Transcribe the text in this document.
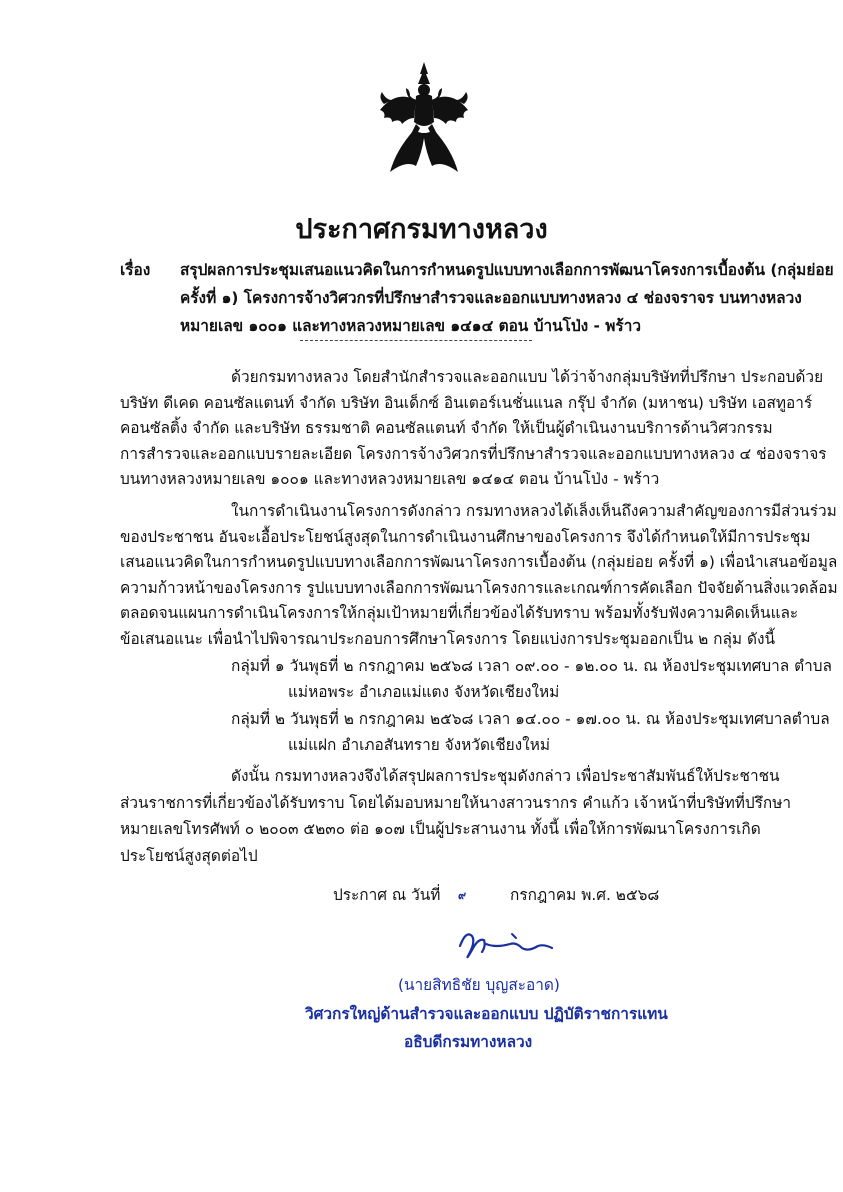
ประกาศกรมทางหลวง
เรื่อง สรุปผลการประชุมเสนอแนวคิดในการกำหนดรูปแบบทางเลือกการพัฒนาโครงการเบื้องต้น (กลุ่มย่อย
ครั้งที่ ๑) โครงการจ้างวิศวกรที่ปรึกษาสำรวจและออกแบบทางหลวง ๔ ช่องจราจร บนทางหลวง
หมายเลข ๑๐๐๑ และทางหลวงหมายเลข ๑๔๑๔ ตอน บ้านโป่ง - พร้าว
ด้วยกรมทางหลวง โดยสำนักสำรวจและออกแบบ ได้ว่าจ้างกลุ่มบริษัทที่ปรึกษา ประกอบด้วย
บริษัท ดีเคด คอนซัลแตนท์ จำกัด บริษัท อินเด็กซ์ อินเตอร์เนชั่นแนล กรุ๊ป จำกัด (มหาชน) บริษัท เอสทูอาร์
คอนซัลติ้ง จำกัด และบริษัท ธรรมชาติ คอนซัลแตนท์ จำกัด ให้เป็นผู้ดำเนินงานบริการด้านวิศวกรรม
การสำรวจและออกแบบรายละเอียด โครงการจ้างวิศวกรที่ปรึกษาสำรวจและออกแบบทางหลวง ๔ ช่องจราจร
บนทางหลวงหมายเลข ๑๐๐๑ และทางหลวงหมายเลข ๑๔๑๔ ตอน บ้านโป่ง - พร้าว
ในการดำเนินงานโครงการดังกล่าว กรมทางหลวงได้เล็งเห็นถึงความสำคัญของการมีส่วนร่วม
ของประชาชน อันจะเอื้อประโยชน์สูงสุดในการดำเนินงานศึกษาของโครงการ จึงได้กำหนดให้มีการประชุม
เสนอแนวคิดในการกำหนดรูปแบบทางเลือกการพัฒนาโครงการเบื้องต้น (กลุ่มย่อย ครั้งที่ ๑) เพื่อนำเสนอข้อมูล
ความก้าวหน้าของโครงการ รูปแบบทางเลือกการพัฒนาโครงการและเกณฑ์การคัดเลือก ปัจจัยด้านสิ่งแวดล้อม
ตลอดจนแผนการดำเนินโครงการให้กลุ่มเป้าหมายที่เกี่ยวข้องได้รับทราบ พร้อมทั้งรับฟังความคิดเห็นและ
ข้อเสนอแนะ เพื่อนำไปพิจารณาประกอบการศึกษาโครงการ โดยแบ่งการประชุมออกเป็น ๒ กลุ่ม ดังนี้
กลุ่มที่ ๑ วันพุธที่ ๒ กรกฎาคม ๒๕๖๘ เวลา ๐๙.๐๐ - ๑๒.๐๐ น. ณ ห้องประชุมเทศบาล ตำบล
แม่หอพระ อำเภอแม่แตง จังหวัดเชียงใหม่
กลุ่มที่ ๒ วันพุธที่ ๒ กรกฎาคม ๒๕๖๘ เวลา ๑๔.๐๐ - ๑๗.๐๐ น. ณ ห้องประชุมเทศบาลตำบล
แม่แฝก อำเภอสันทราย จังหวัดเชียงใหม่
ดังนั้น กรมทางหลวงจึงได้สรุปผลการประชุมดังกล่าว เพื่อประชาสัมพันธ์ให้ประชาชน
ส่วนราชการที่เกี่ยวข้องได้รับทราบ โดยได้มอบหมายให้นางสาวนรากร คำแก้ว เจ้าหน้าที่บริษัทที่ปรึกษา
หมายเลขโทรศัพท์ ๐ ๒๐๐๓ ๕๒๓๐ ต่อ ๑๐๗ เป็นผู้ประสานงาน ทั้งนี้ เพื่อให้การพัฒนาโครงการเกิด
ประโยชน์สูงสุดต่อไป
ประกาศ ณ วันที่ ๙	กรกฎาคม พ.ศ. ๒๕๖๘
(นายสิทธิชัย บุญสะอาด)
วิศวกรใหญ่ด้านสำรวจและออกแบบ ปฏิบัติราชการแทน
อธิบดีกรมทางหลวง
